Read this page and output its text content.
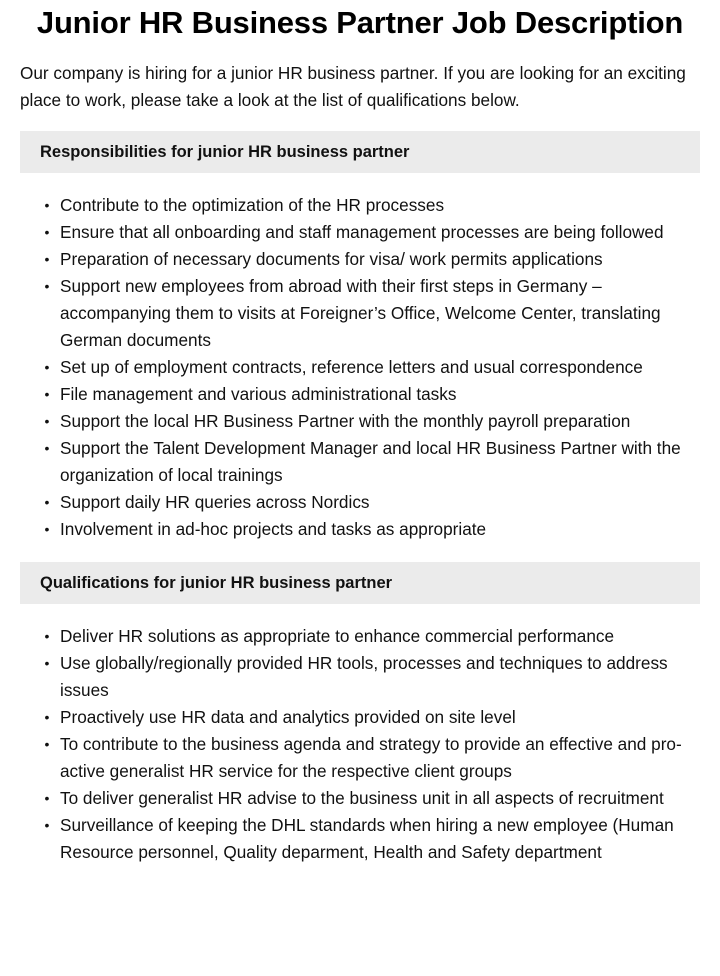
Junior HR Business Partner Job Description

Our company is hiring for a junior HR business partner. If you are looking for an exciting place to work, please take a look at the list of qualifications below.

Responsibilities for junior HR business partner
• Contribute to the optimization of the HR processes
• Ensure that all onboarding and staff management processes are being followed
• Preparation of necessary documents for visa/ work permits applications
• Support new employees from abroad with their first steps in Germany – accompanying them to visits at Foreigner’s Office, Welcome Center, translating German documents
• Set up of employment contracts, reference letters and usual correspondence
• File management and various administrational tasks
• Support the local HR Business Partner with the monthly payroll preparation
• Support the Talent Development Manager and local HR Business Partner with the organization of local trainings
• Support daily HR queries across Nordics
• Involvement in ad-hoc projects and tasks as appropriate
Qualifications for junior HR business partner
• Deliver HR solutions as appropriate to enhance commercial performance
• Use globally/regionally provided HR tools, processes and techniques to address issues
• Proactively use HR data and analytics provided on site level
• To contribute to the business agenda and strategy to provide an effective and pro-active generalist HR service for the respective client groups
• To deliver generalist HR advise to the business unit in all aspects of recruitment
• Surveillance of keeping the DHL standards when hiring a new employee (Human Resource personnel, Quality deparment, Health and Safety department
